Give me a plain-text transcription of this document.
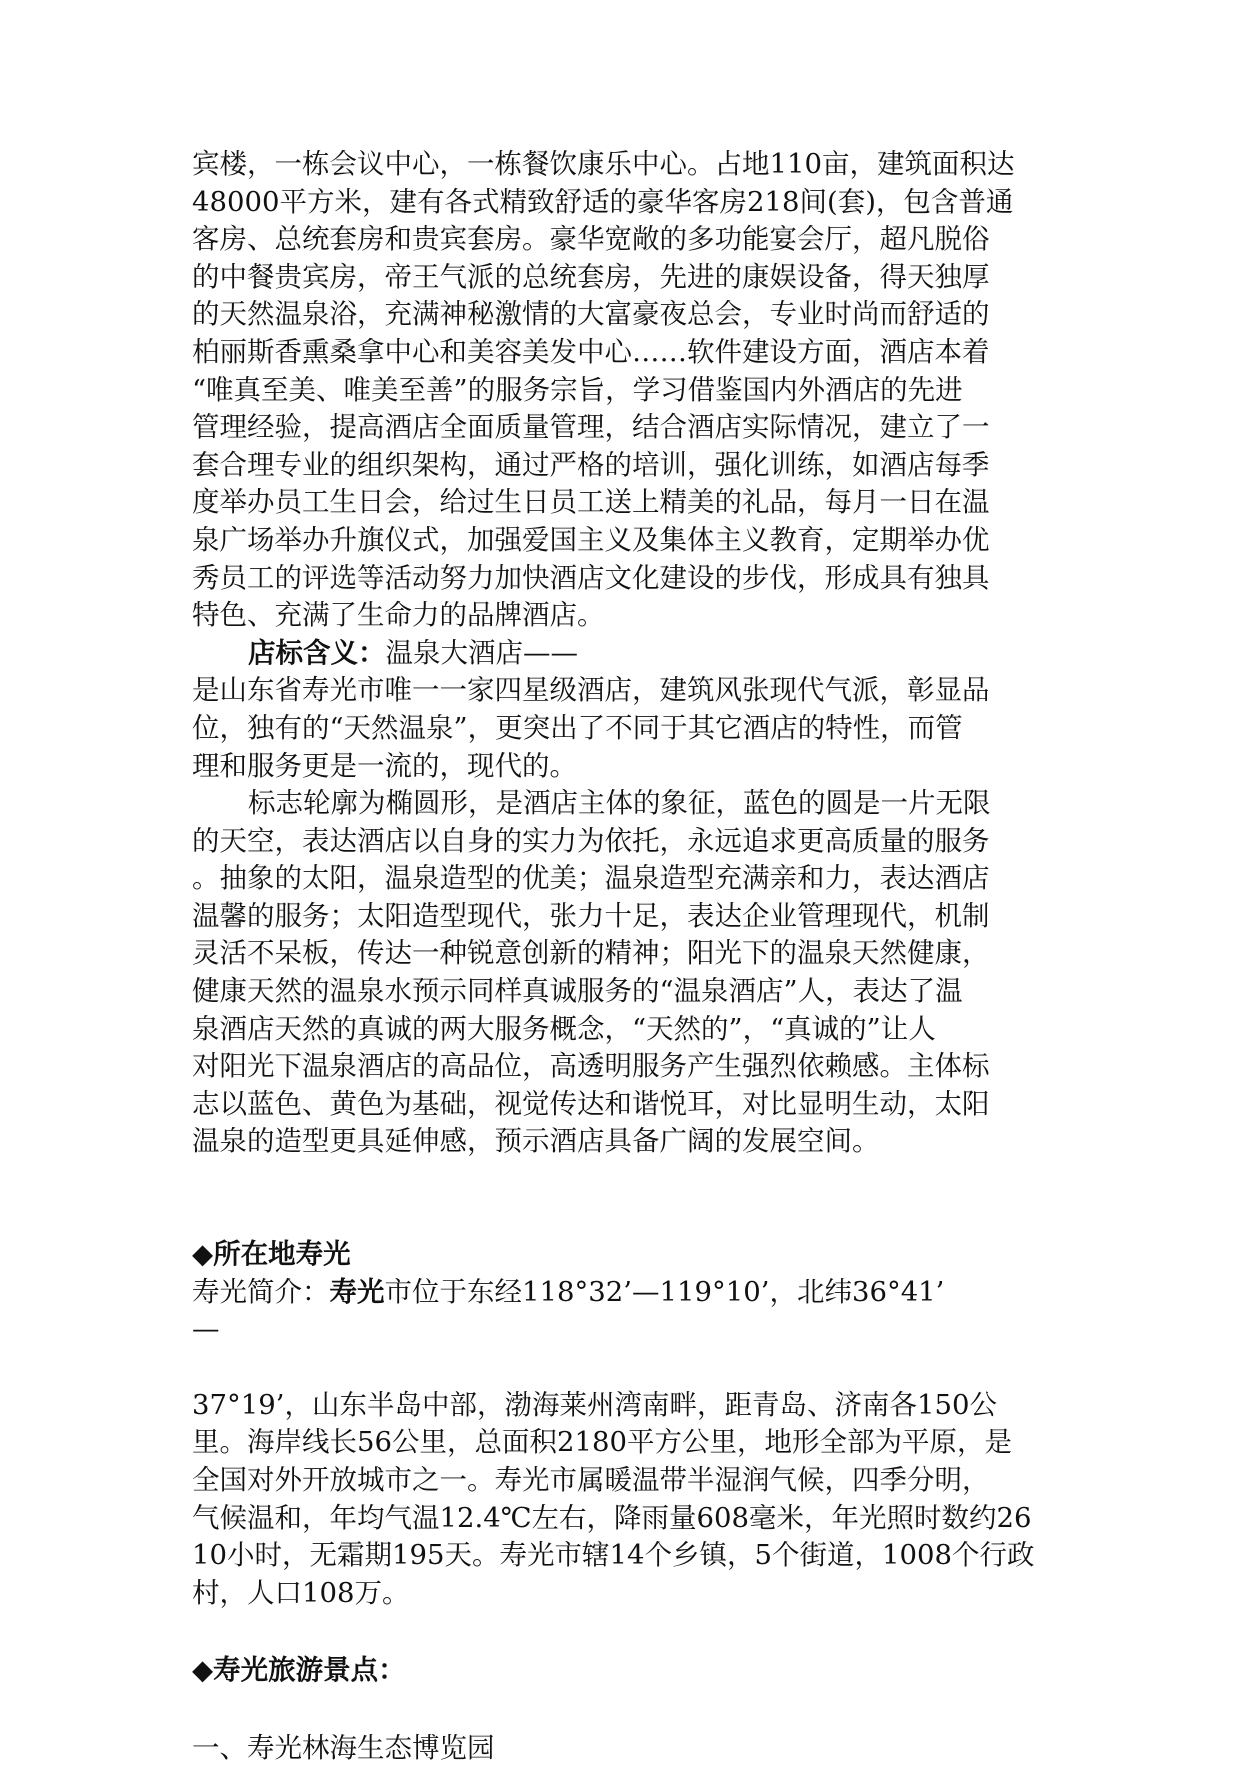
宾楼，一栋会议中心，一栋餐饮康乐中心。占地110亩，建筑面积达
48000平方米，建有各式精致舒适的豪华客房218间(套)，包含普通
客房、总统套房和贵宾套房。豪华宽敞的多功能宴会厅，超凡脱俗
的中餐贵宾房，帝王气派的总统套房，先进的康娱设备，得天独厚
的天然温泉浴，充满神秘激情的大富豪夜总会，专业时尚而舒适的
柏丽斯香熏桑拿中心和美容美发中心……软件建设方面，酒店本着
“唯真至美、唯美至善”的服务宗旨，学习借鉴国内外酒店的先进
管理经验，提高酒店全面质量管理，结合酒店实际情况，建立了一
套合理专业的组织架构，通过严格的培训，强化训练，如酒店每季
度举办员工生日会，给过生日员工送上精美的礼品，每月一日在温
泉广场举办升旗仪式，加强爱国主义及集体主义教育，定期举办优
秀员工的评选等活动努力加快酒店文化建设的步伐，形成具有独具
特色、充满了生命力的品牌酒店。
店标含义：温泉大酒店——
是山东省寿光市唯一一家四星级酒店，建筑风张现代气派，彰显品
位，独有的“天然温泉”，更突出了不同于其它酒店的特性，而管
理和服务更是一流的，现代的。
标志轮廓为椭圆形，是酒店主体的象征，蓝色的圆是一片无限
的天空，表达酒店以自身的实力为依托，永远追求更高质量的服务
。抽象的太阳，温泉造型的优美；温泉造型充满亲和力，表达酒店
温馨的服务；太阳造型现代，张力十足，表达企业管理现代，机制
灵活不呆板，传达一种锐意创新的精神；阳光下的温泉天然健康，
健康天然的温泉水预示同样真诚服务的“温泉酒店”人，表达了温
泉酒店天然的真诚的两大服务概念，“天然的”，“真诚的”让人
对阳光下温泉酒店的高品位，高透明服务产生强烈依赖感。主体标
志以蓝色、黄色为基础，视觉传达和谐悦耳，对比显明生动，太阳
温泉的造型更具延伸感，预示酒店具备广阔的发展空间。
◆所在地寿光
寿光简介：寿光市位于东经118°32’—119°10’，北纬36°41’
—
37°19’，山东半岛中部，渤海莱州湾南畔，距青岛、济南各150公
里。海岸线长56公里，总面积2180平方公里，地形全部为平原，是
全国对外开放城市之一。寿光市属暖温带半湿润气候，四季分明，
气候温和，年均气温12.4℃左右，降雨量608毫米，年光照时数约26
10小时，无霜期195天。寿光市辖14个乡镇，5个街道，1008个行政
村，人口108万。
◆寿光旅游景点：
一、寿光林海生态博览园
